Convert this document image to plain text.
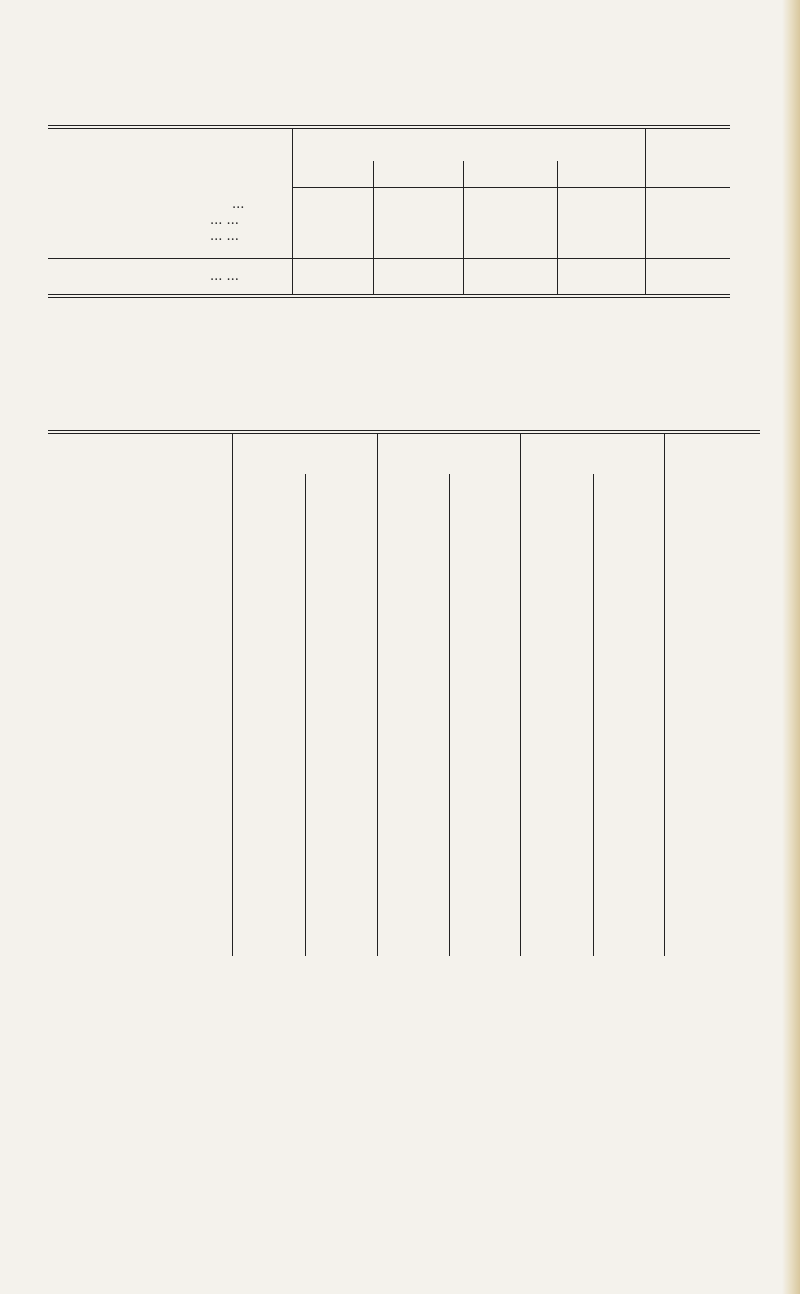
...
... ...
... ...
... ...
